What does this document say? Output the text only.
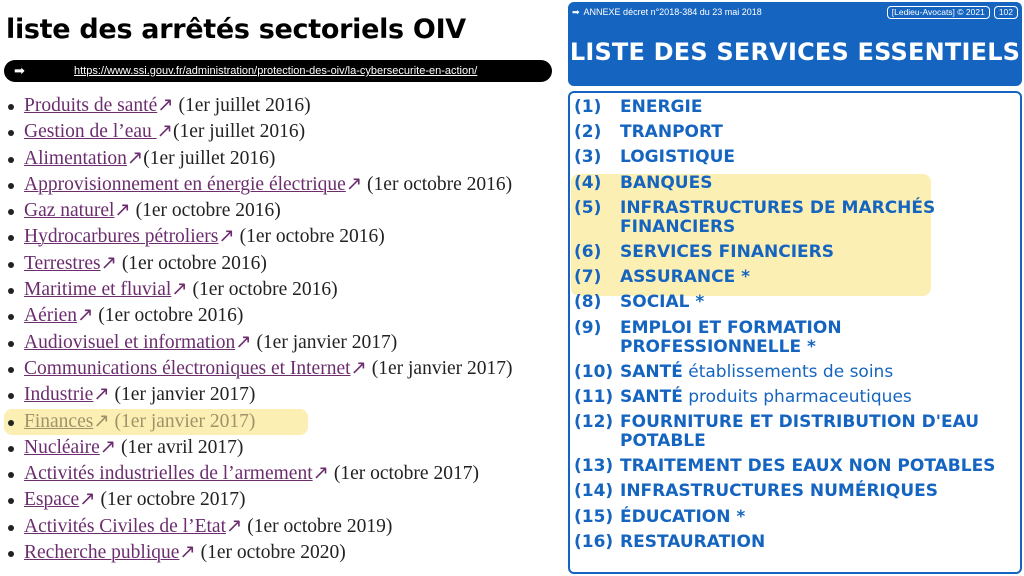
liste des arrêtés sectoriels OIV
➡	https://www.ssi.gouv.fr/administration/protection-des-oiv/la-cybersecurite-en-action/
Produits de santé↗ (1er juillet 2016)
Gestion de l’eau ↗(1er juillet 2016)
Alimentation↗(1er juillet 2016)
Approvisionnement en énergie électrique↗ (1er octobre 2016)
Gaz naturel↗ (1er octobre 2016)
Hydrocarbures pétroliers↗ (1er octobre 2016)
Terrestres↗ (1er octobre 2016)
Maritime et fluvial↗ (1er octobre 2016)
Aérien↗ (1er octobre 2016)
Audiovisuel et information↗ (1er janvier 2017)
Communications électroniques et Internet↗ (1er janvier 2017)
Industrie↗ (1er janvier 2017)
Finances↗ (1er janvier 2017)
Nucléaire↗ (1er avril 2017)
Activités industrielles de l’armement↗ (1er octobre 2017)
Espace↗ (1er octobre 2017)
Activités Civiles de l’Etat↗ (1er octobre 2019)
Recherche publique↗ (1er octobre 2020)
➡ ANNEXE décret n°2018-384 du 23 mai 2018	[Ledieu-Avocats] © 2021	102
LISTE DES SERVICES ESSENTIELS
(1)	ENERGIE
(2)	TRANPORT
(3)	LOGISTIQUE
(4)	BANQUES
(5)	INFRASTRUCTURES DE MARCHÉS FINANCIERS
(6)	SERVICES FINANCIERS
(7)	ASSURANCE *
(8)	SOCIAL *
(9)	EMPLOI ET FORMATION PROFESSIONNELLE *
(10) SANTÉ établissements de soins
(11) SANTÉ produits pharmaceutiques
(12) FOURNITURE ET DISTRIBUTION D'EAU POTABLE
(13) TRAITEMENT DES EAUX NON POTABLES
(14) INFRASTRUCTURES NUMÉRIQUES
(15) ÉDUCATION *
(16) RESTAURATION
